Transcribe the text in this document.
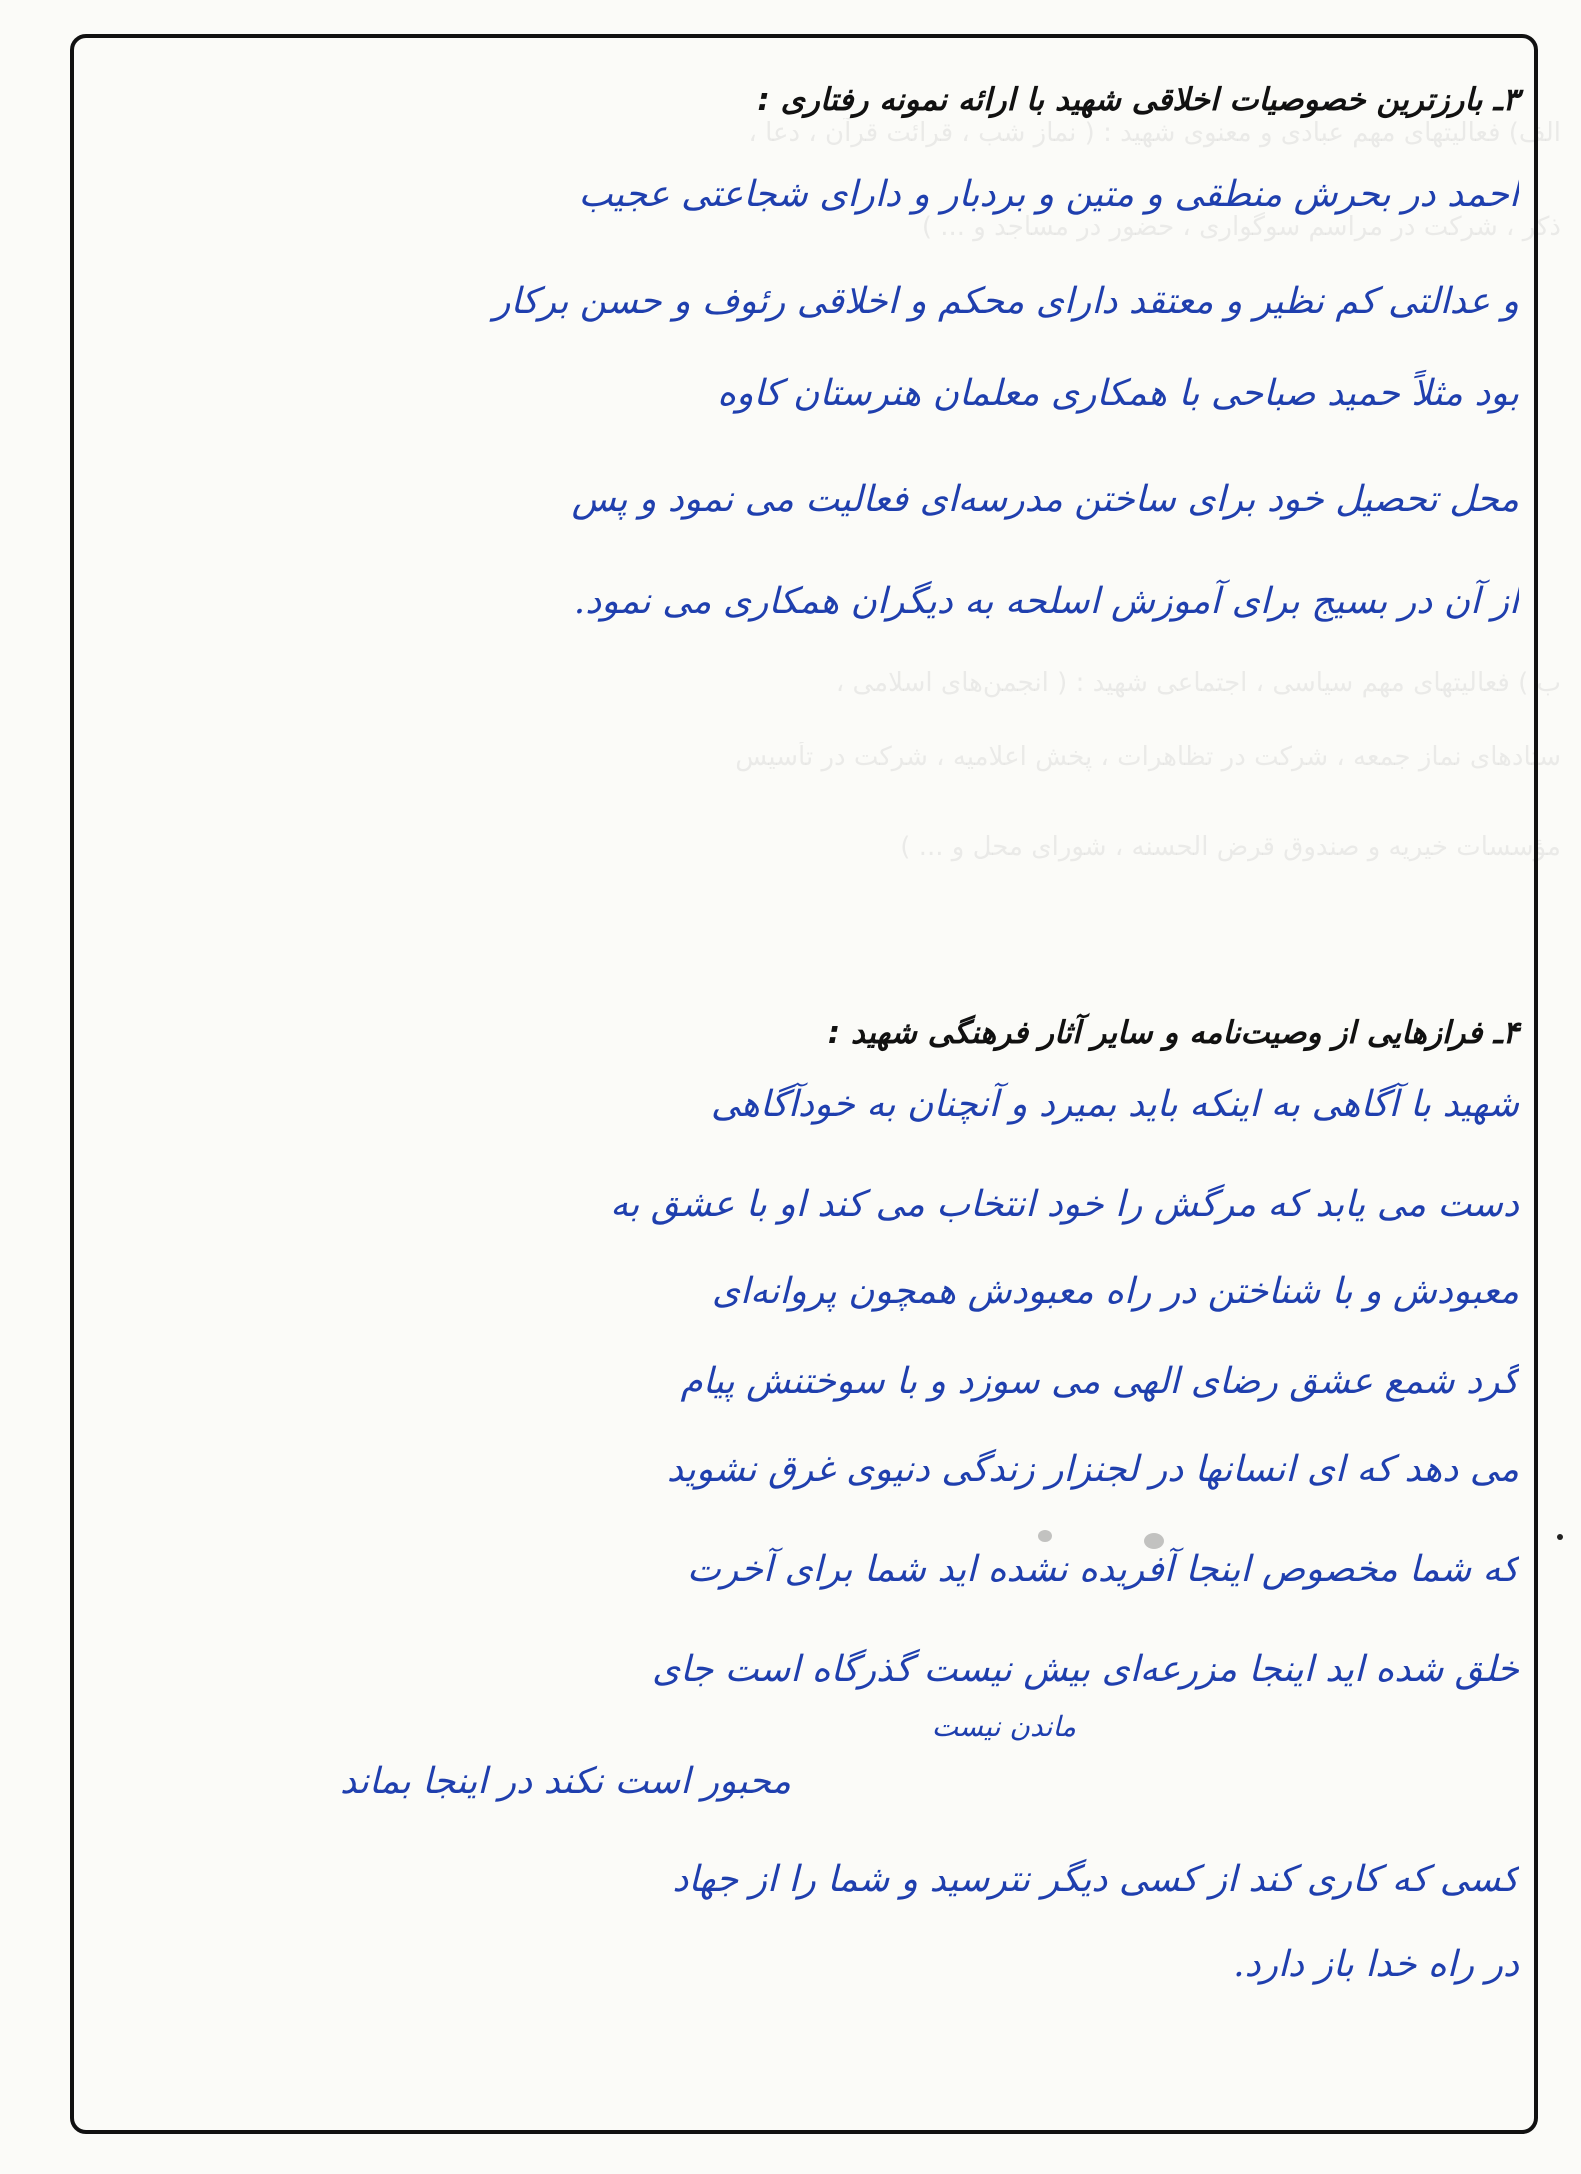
الف) فعالیتهای مهم عبادی و معنوی شهید : ( نماز شب ، قرائت قرآن ، دعا ،
ذکر ، شرکت در مراسم سوگواری ، حضور در مساجد و ... )
ب ) فعالیتهای مهم سیاسی ، اجتماعی شهید : ( انجمن‌های اسلامی ،
ستادهای نماز جمعه ، شرکت در تظاهرات ، پخش اعلامیه ، شرکت در تأسیس
مؤسسات خیریه و صندوق قرض الحسنه ، شورای محل و ... )
۳ـ بارزترین خصوصیات اخلاقی شهید با ارائه نمونه رفتاری :
احمد در بحرش منطقی و متین و بردبار و دارای شجاعتی عجیب
و عدالتی کم نظیر و معتقد دارای محکم و اخلاقی رئوف و حسن برکار
بود مثلاً حمید صباحی با همکاری معلمان هنرستان کاوه
محل تحصیل خود برای ساختن مدرسه‌ای فعالیت می نمود و پس
از آن در بسیج برای آموزش اسلحه به دیگران همکاری می نمود.
۴ـ فرازهایی از وصیت‌نامه و سایر آثار فرهنگی شهید :
شهید با آگاهی به اینکه باید بمیرد و آنچنان به خودآگاهی
دست می یابد که مرگش را خود انتخاب می کند او با عشق به
معبودش و با شناختن در راه معبودش همچون پروانه‌ای
گرد شمع عشق رضای الهی می سوزد و با سوختنش پیام
می دهد که ای انسانها در لجنزار زندگی دنیوی غرق نشوید
که شما مخصوص اینجا آفریده نشده اید شما برای آخرت
خلق شده اید اینجا مزرعه‌ای بیش نیست گذرگاه است جای
ماندن نیست
محبور است نکند در اینجا بماند
کسی که کاری کند از کسی دیگر نترسید و شما را از جهاد
در راه خدا باز دارد.
